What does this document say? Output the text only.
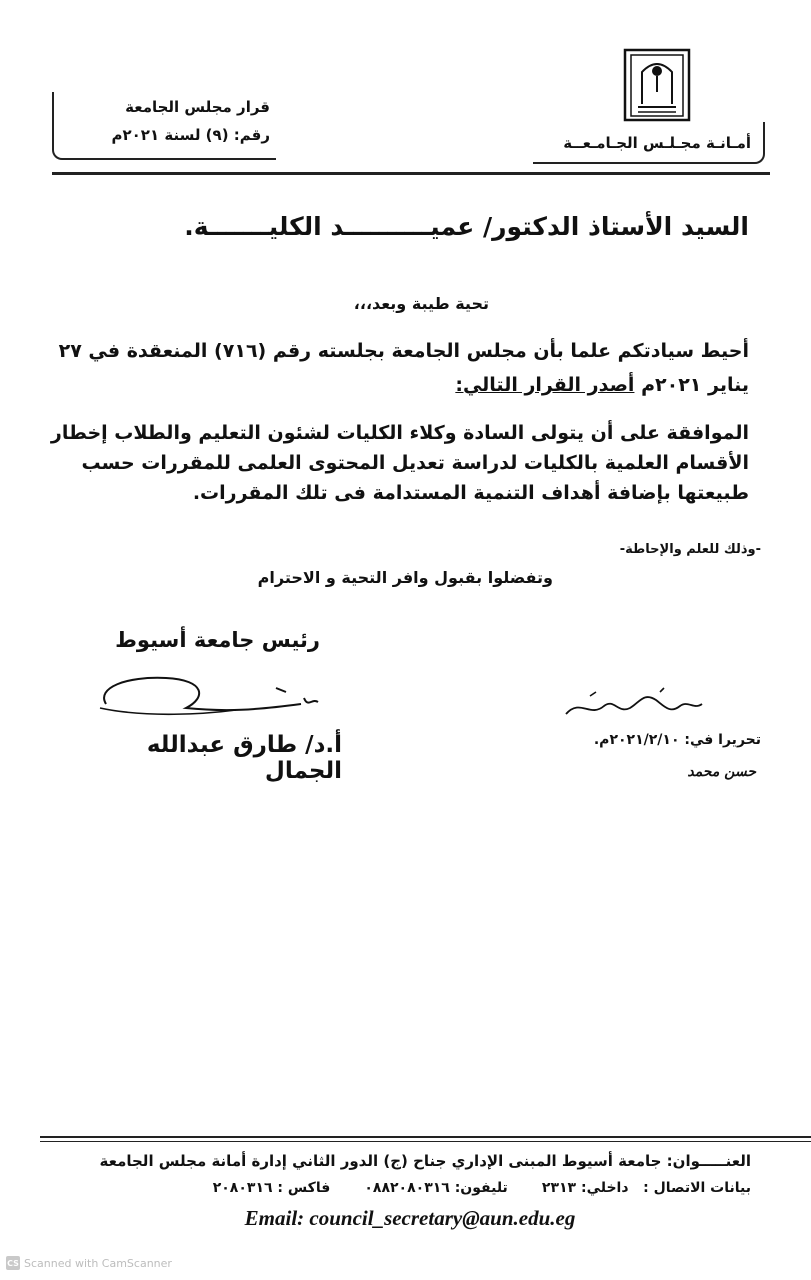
أمـانـة مجـلـس الجـامـعــة
قرار مجلس الجامعة
رقم: (٩) لسنة ٢٠٢١م
السيد الأستاذ الدكتور/ عميــــــــــد الكليـــــــة.
تحية طيبة وبعد،،،
أحيط سيادتكم علما بأن مجلس الجامعة بجلسته رقم (٧١٦) المنعقدة في ٢٧ يناير ٢٠٢١م أصدر القرار التالي:
الموافقة على أن يتولى السادة وكلاء الكليات لشئون التعليم والطلاب إخطار الأقسام العلمية بالكليات لدراسة تعديل المحتوى العلمى للمقررات حسب طبيعتها بإضافة أهداف التنمية المستدامة فى تلك المقررات.
-وذلك للعلم والإحاطة-
وتفضلوا بقبول وافر التحية و الاحترام
رئيس جامعة أسيوط
أ.د/ طارق عبدالله الجمال
تحريرا في: ٢٠٢١/٢/١٠م.
حسن محمد
العنـــــوان: جامعة أسيوط المبنى الإداري جناح (ج) الدور الثاني إدارة أمانة مجلس الجامعة
بيانات الاتصال :   داخلي: ٢٣١٣       تليفون: ٠٨٨٢٠٨٠٣١٦       فاكس : ٢٠٨٠٣١٦
Email: council_secretary@aun.edu.eg
CS Scanned with CamScanner
